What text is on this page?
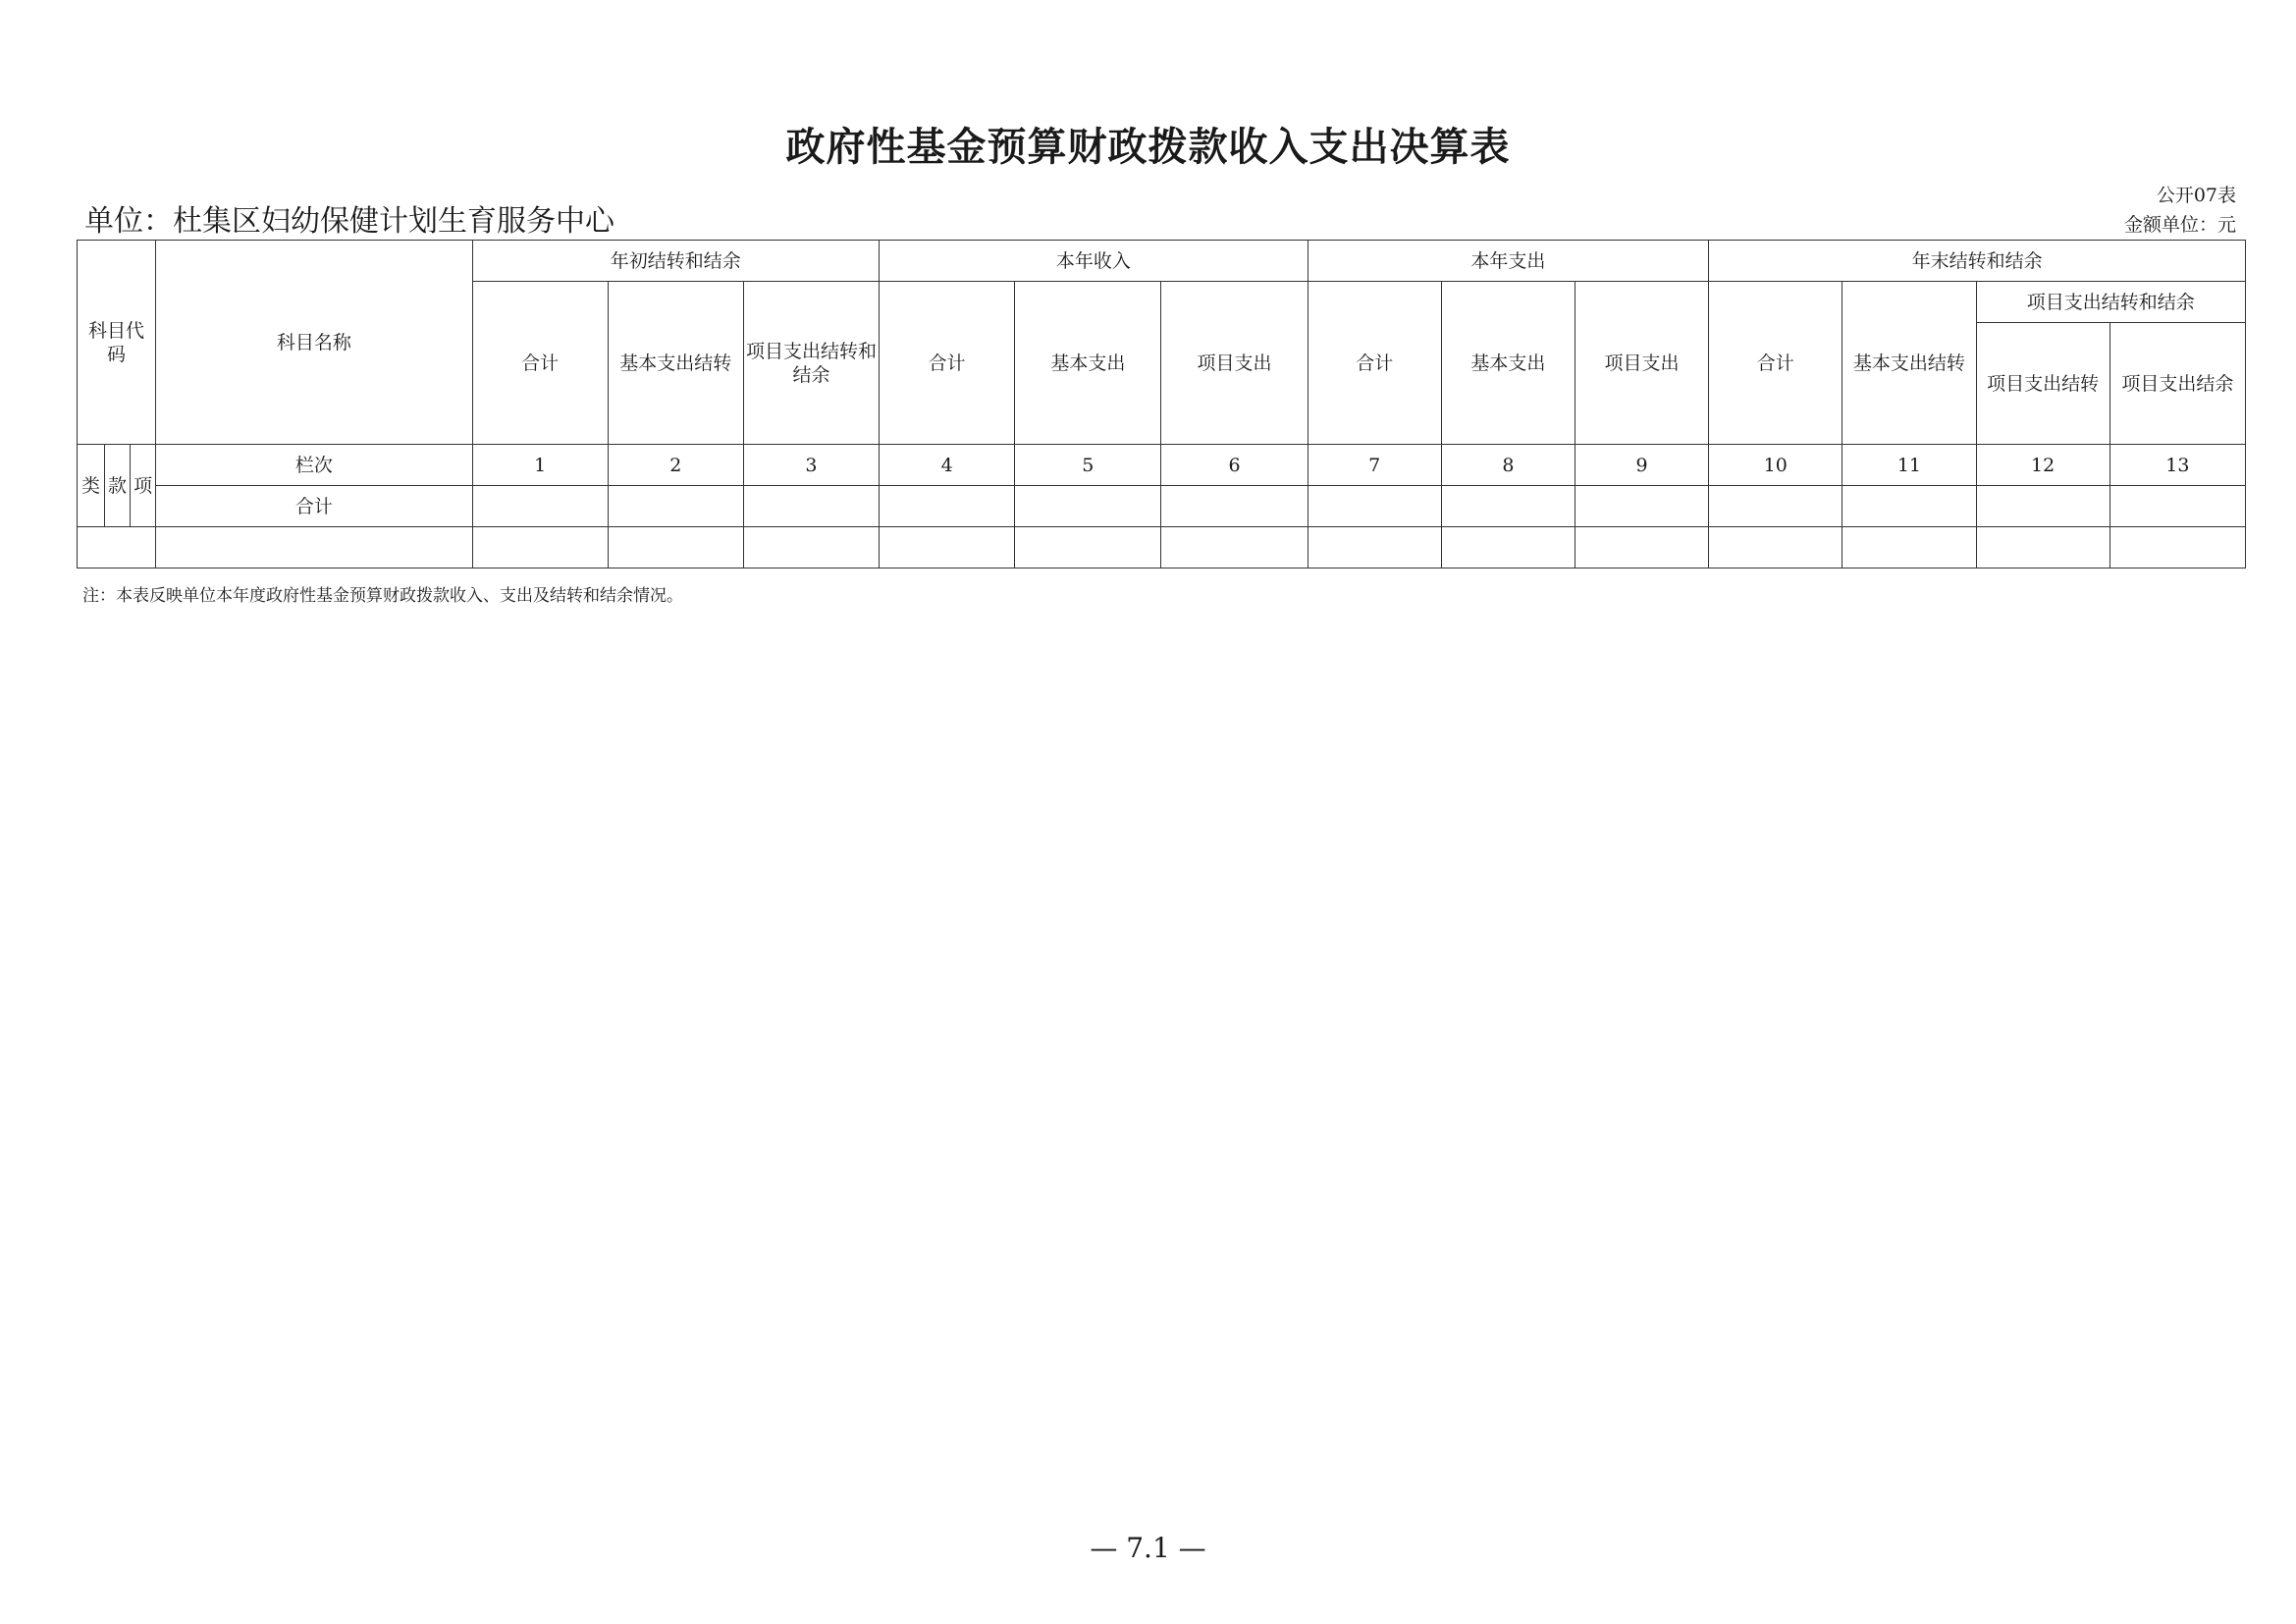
政府性基金预算财政拨款收入支出决算表
单位：杜集区妇幼保健计划生育服务中心
公开07表
金额单位：元
科目代码			科目名称	年初结转和结余			本年收入			本年支出			年末结转和结余			
				合计	基本支出结转	项目支出结转和结余	合计	基本支出	项目支出	合计	基本支出	项目支出	合计	基本支出结转	项目支出结转和结余	
															项目支出结转	项目支出结余
类	款	项	栏次	1	2	3	4	5	6	7	8	9	10	11	12	13
			合计													

注：本表反映单位本年度政府性基金预算财政拨款收入、支出及结转和结余情况。
— 7.1 —
